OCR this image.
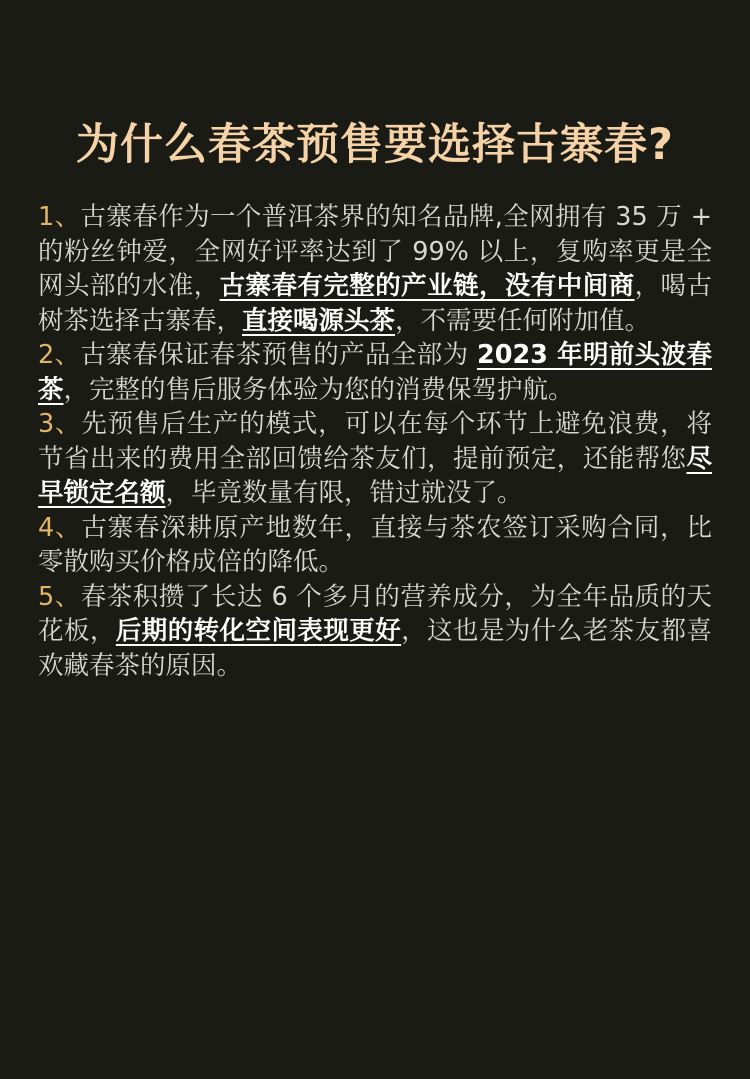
为什么春茶预售要选择古寨春?

1、古寨春作为一个普洱茶界的知名品牌,全网拥有 35 万 + 的粉丝钟爱，全网好评率达到了 99% 以上，复购率更是全网头部的水准，古寨春有完整的产业链，没有中间商，喝古树茶选择古寨春，直接喝源头茶，不需要任何附加值。

2、古寨春保证春茶预售的产品全部为 2023 年明前头波春茶，完整的售后服务体验为您的消费保驾护航。

3、先预售后生产的模式，可以在每个环节上避免浪费，将节省出来的费用全部回馈给茶友们，提前预定，还能帮您尽早锁定名额，毕竟数量有限，错过就没了。

4、古寨春深耕原产地数年，直接与茶农签订采购合同，比零散购买价格成倍的降低。

5、春茶积攒了长达 6 个多月的营养成分，为全年品质的天花板，后期的转化空间表现更好，这也是为什么老茶友都喜欢藏春茶的原因。
